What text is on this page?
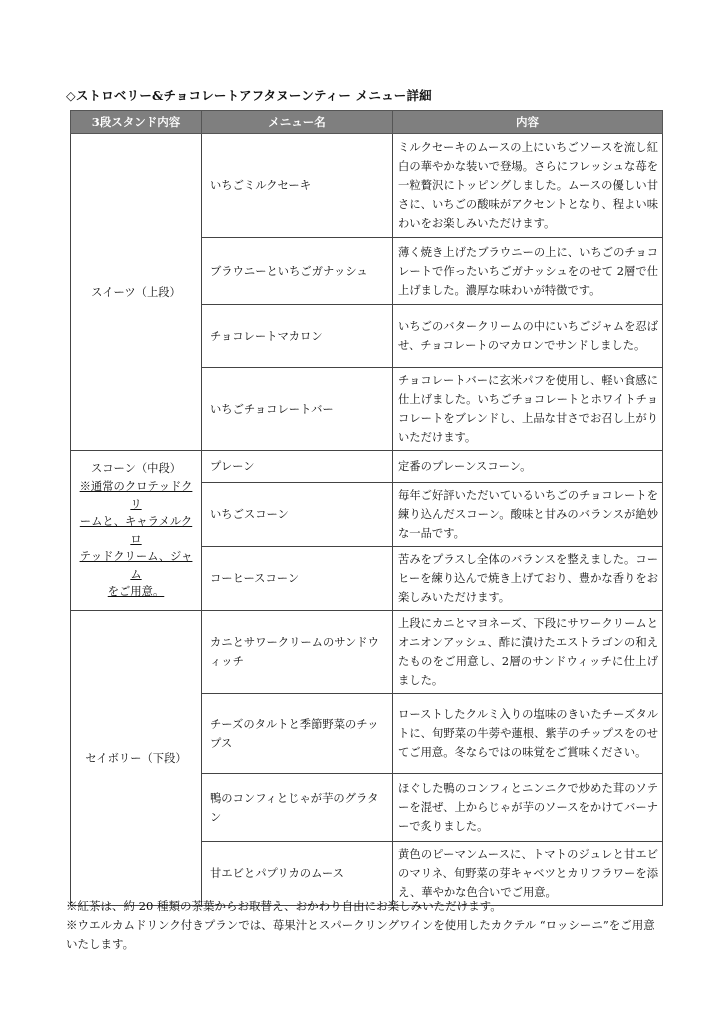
◇ストロベリー&チョコレートアフタヌーンティー メニュー詳細
3段スタンド内容	メニュー名	内容
スイーツ（上段）	いちごミルクセーキ	ミルクセーキのムースの上にいちごソースを流し紅白の華やかな装いで登場。さらにフレッシュな苺を一粒贅沢にトッピングしました。ムースの優しい甘さに、いちごの酸味がアクセントとなり、程よい味わいをお楽しみいただけます。
	ブラウニーといちごガナッシュ	薄く焼き上げたブラウニーの上に、いちごのチョコレートで作ったいちごガナッシュをのせて 2層で仕上げました。濃厚な味わいが特徴です。
	チョコレートマカロン	いちごのバタークリームの中にいちごジャムを忍ばせ、チョコレートのマカロンでサンドしました。
	いちごチョコレートバー	チョコレートバーに玄米パフを使用し、軽い食感に仕上げました。いちごチョコレートとホワイトチョコレートをブレンドし、上品な甘さでお召し上がりいただけます。

スコーン（中段）
※通常のクロテッドクリ
ームと、キャラメルクロ
テッドクリーム、ジャム
をご用意。	プレーン	定番のプレーンスコーン。
	いちごスコーン	毎年ご好評いただいているいちごのチョコレートを練り込んだスコーン。酸味と甘みのバランスが絶妙な一品です。
	コーヒースコーン	苦みをプラスし全体のバランスを整えました。コーヒーを練り込んで焼き上げており、豊かな香りをお楽しみいただけます。
セイボリー（下段）	カニとサワークリームのサンドウィッチ	上段にカニとマヨネーズ、下段にサワークリームとオニオンアッシュ、酢に漬けたエストラゴンの和えたものをご用意し、2層のサンドウィッチに仕上げました。
	チーズのタルトと季節野菜のチップス	ローストしたクルミ入りの塩味のきいたチーズタルトに、旬野菜の牛蒡や蓮根、紫芋のチップスをのせてご用意。冬ならではの味覚をご賞味ください。
	鴨のコンフィとじゃが芋のグラタン	ほぐした鴨のコンフィとニンニクで炒めた茸のソテーを混ぜ、上からじゃが芋のソースをかけてバーナーで炙りました。
	甘エビとパプリカのムース	黄色のピーマンムースに、トマトのジュレと甘エビのマリネ、旬野菜の芽キャベツとカリフラワーを添え、華やかな色合いでご用意。
※紅茶は、約 20 種類の茶葉からお取替え、おかわり自由にお楽しみいただけます。
※ウエルカムドリンク付きプランでは、苺果汁とスパークリングワインを使用したカクテル “ロッシーニ”をご用意いたします。
